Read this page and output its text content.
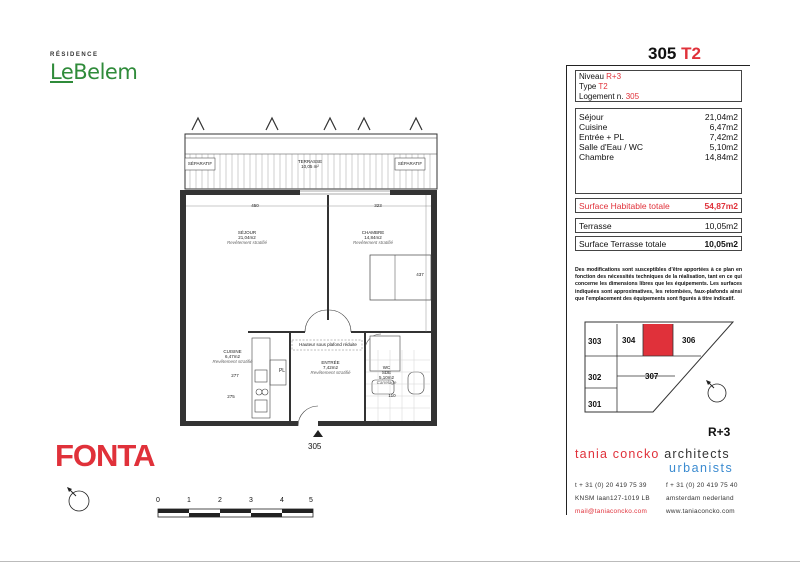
RÉSIDENCE
LeBelem
FONTA
TERRASSE
10,05 m²
SÉPARATIF	SÉPARATIF
450	323
437
SÉJOUR
21,04m2
Revêtement stratifié
CHAMBRE
14,84m2
Revêtement stratifié
Hauteur sous plafond réduite
CUISINE
6,47m2
Revêtement stratifié	ENTRÉE
7,42m2
Revêtement stratifié
WC
SDE
5,10m2
Carrelage
PL
277
275	110
305
0	1	2	3	4	5
305 T2
Niveau R+3
Type T2
Logement n. 305
Séjour	21,04m2
Cuisine	6,47m2
Entrée + PL	7,42m2
Salle d'Eau / WC	5,10m2
Chambre	14,84m2
Surface Habitable totale	54,87m2
Terrasse	10,05m2
Surface Terrasse totale	10,05m2
Des modifications sont susceptibles d'être apportées à ce plan en fonction des nécessités techniques de la réalisation, tant en ce qui concerne les dimensions libres que les équipements. Les surfaces indiquées sont approximatives, les retombées, faux-plafonds ainsi que l'emplacement des équipements sont figurés à titre indicatif.
303	304	306
302	307
301
R+3
tania concko architects
urbanists
t + 31 (0) 20 419 75 39	f + 31 (0) 20 419 75 40
KNSM laan127-1019 LB	amsterdam nederland
mail@taniaconcko.com	www.taniaconcko.com
